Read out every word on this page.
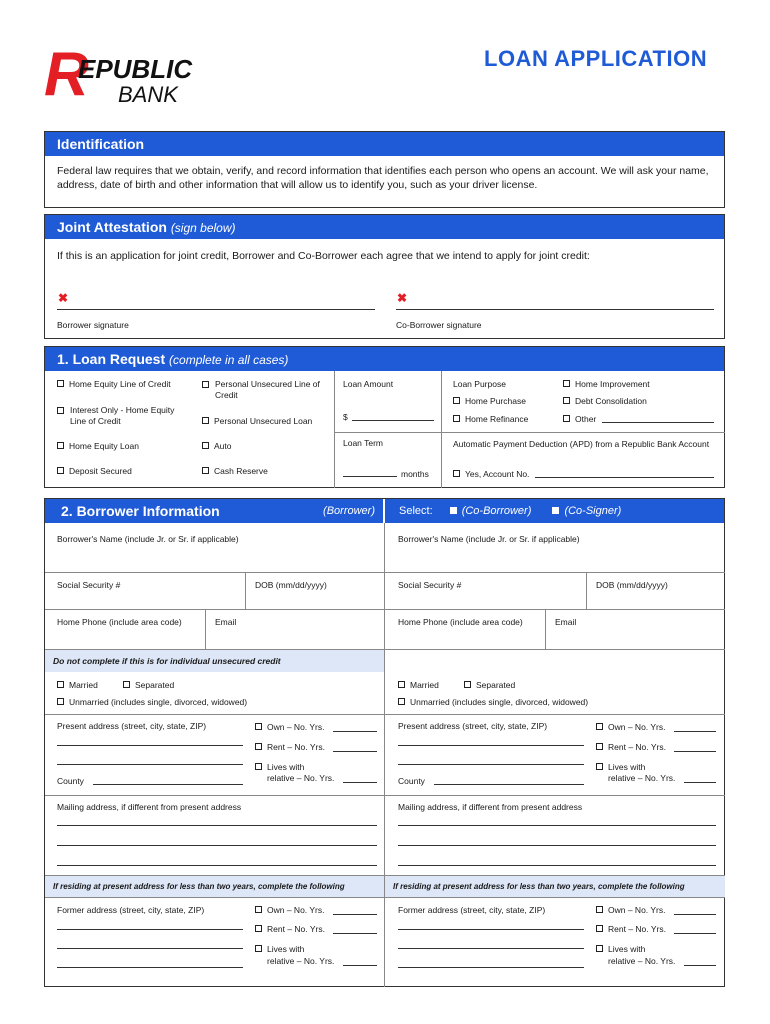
R
EPUBLIC
BANK
LOAN APPLICATION
Identification
Federal law requires that we obtain, verify, and record information that identifies each person who opens an account. We will ask your name, address, date of birth and other information that will allow us to identify you, such as your driver license.
Joint Attestation (sign below)
If this is an application for joint credit, Borrower and Co-Borrower each agree that we intend to apply for joint credit:
✖
Borrower signature
✖
Co-Borrower signature
1. Loan Request (complete in all cases)
Home Equity Line of Credit	Personal Unsecured Line of Credit
Interest Only - Home Equity Line of Credit	Personal Unsecured Loan
Home Equity Loan	Auto
Deposit Secured	Cash Reserve
Loan Amount
$
Loan Term
months
Loan Purpose	Home Improvement
Home Purchase	Debt Consolidation
Home Refinance	Other
Automatic Payment Deduction (APD) from a Republic Bank Account
Yes, Account No.
2. Borrower Information	(Borrower)	Select:	(Co-Borrower)	(Co-Signer)
Borrower's Name (include Jr. or Sr. if applicable)
Social Security #	DOB (mm/dd/yyyy)
Home Phone (include area code)	Email
Do not complete if this is for individual unsecured credit
Married	Separated
Unmarried (includes single, divorced, widowed)
Present address (street, city, state, ZIP)
County
Own – No. Yrs.
Rent – No. Yrs.
Lives with
relative – No. Yrs.
Mailing address, if different from present address
If residing at present address for less than two years, complete the following
Former address (street, city, state, ZIP)	Own – No. Yrs.
Rent – No. Yrs.
Lives with
relative – No. Yrs.
Borrower's Name (include Jr. or Sr. if applicable)
Social Security #	DOB (mm/dd/yyyy)
Home Phone (include area code)	Email
Married	Separated
Unmarried (includes single, divorced, widowed)
Present address (street, city, state, ZIP)
County
Own – No. Yrs.
Rent – No. Yrs.
Lives with
relative – No. Yrs.
Mailing address, if different from present address
If residing at present address for less than two years, complete the following
Former address (street, city, state, ZIP)	Own – No. Yrs.
Rent – No. Yrs.
Lives with
relative – No. Yrs.
